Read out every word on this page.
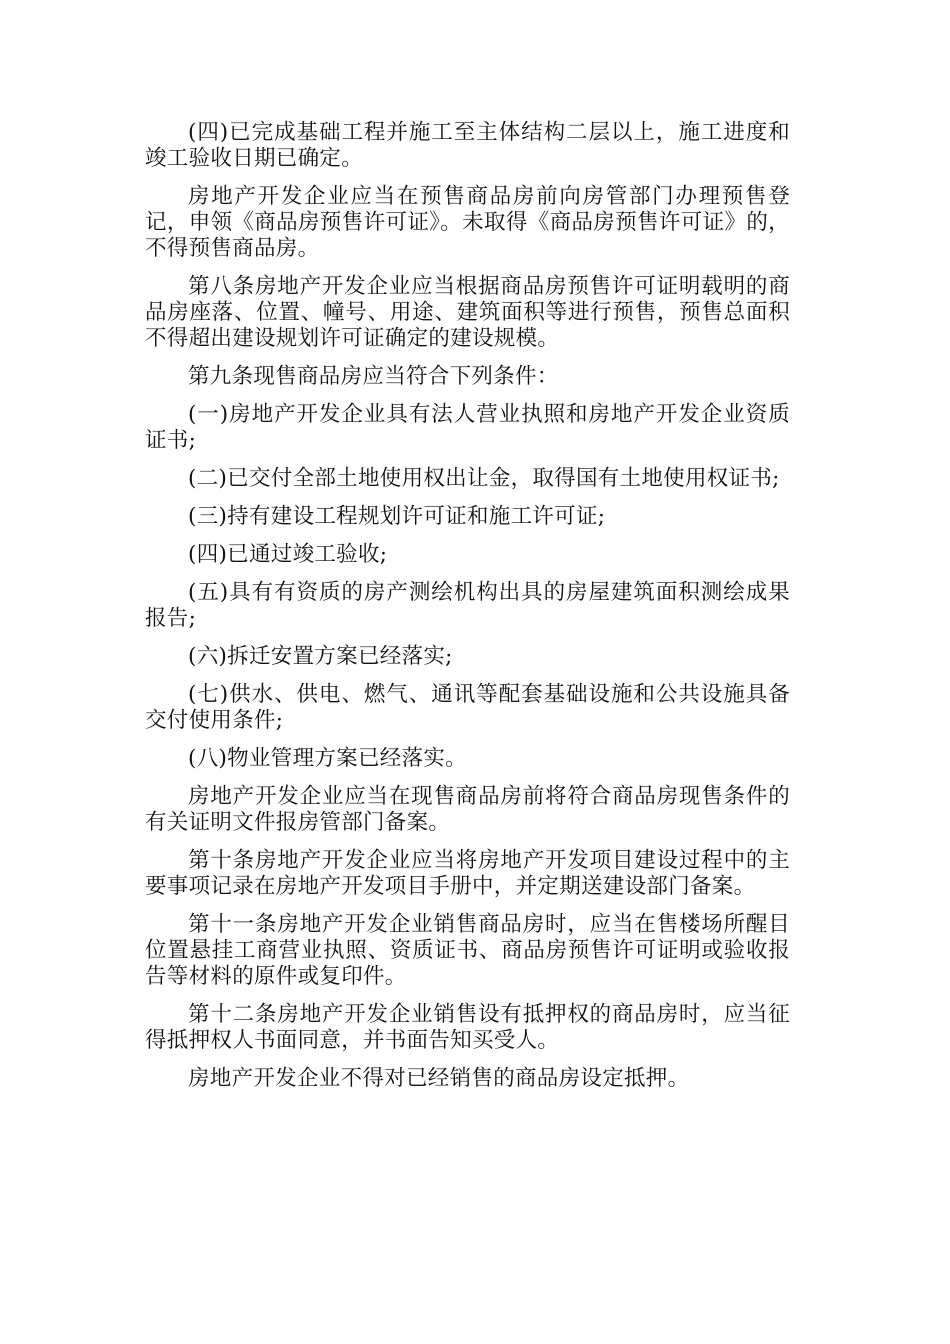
(四)已完成基础工程并施工至主体结构二层以上，施工进度和竣工验收日期已确定。

房地产开发企业应当在预售商品房前向房管部门办理预售登记，申领《商品房预售许可证》。未取得《商品房预售许可证》的，不得预售商品房。

第八条房地产开发企业应当根据商品房预售许可证明载明的商品房座落、位置、幢号、用途、建筑面积等进行预售，预售总面积不得超出建设规划许可证确定的建设规模。

第九条现售商品房应当符合下列条件：

(一)房地产开发企业具有法人营业执照和房地产开发企业资质证书;

(二)已交付全部土地使用权出让金，取得国有土地使用权证书;

(三)持有建设工程规划许可证和施工许可证;

(四)已通过竣工验收;

(五)具有有资质的房产测绘机构出具的房屋建筑面积测绘成果报告;

(六)拆迁安置方案已经落实;

(七)供水、供电、燃气、通讯等配套基础设施和公共设施具备交付使用条件;

(八)物业管理方案已经落实。

房地产开发企业应当在现售商品房前将符合商品房现售条件的有关证明文件报房管部门备案。

第十条房地产开发企业应当将房地产开发项目建设过程中的主要事项记录在房地产开发项目手册中，并定期送建设部门备案。

第十一条房地产开发企业销售商品房时，应当在售楼场所醒目位置悬挂工商营业执照、资质证书、商品房预售许可证明或验收报告等材料的原件或复印件。

第十二条房地产开发企业销售设有抵押权的商品房时，应当征得抵押权人书面同意，并书面告知买受人。

房地产开发企业不得对已经销售的商品房设定抵押。
